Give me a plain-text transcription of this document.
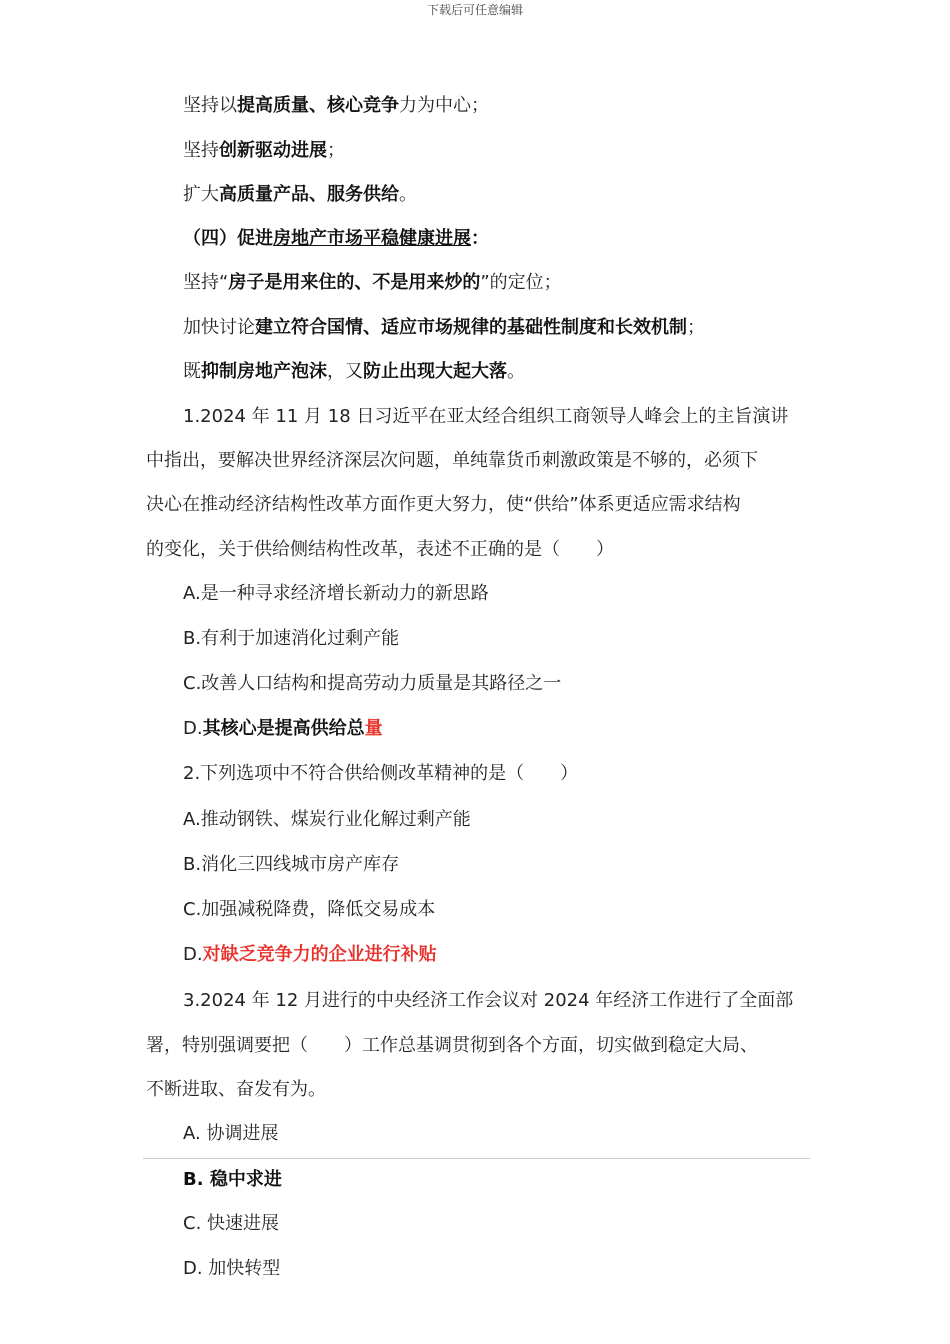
下载后可任意编辑
坚持以提高质量、核心竞争力为中心；
坚持创新驱动进展；
扩大高质量产品、服务供给。
（四）促进房地产市场平稳健康进展：
坚持“房子是用来住的、不是用来炒的”的定位；
加快讨论建立符合国情、适应市场规律的基础性制度和长效机制；
既抑制房地产泡沫，又防止出现大起大落。
1.2024 年 11 月 18 日习近平在亚太经合组织工商领导人峰会上的主旨演讲
中指出，要解决世界经济深层次问题，单纯靠货币刺激政策是不够的，必须下
决心在推动经济结构性改革方面作更大努力，使“供给”体系更适应需求结构
的变化，关于供给侧结构性改革，表述不正确的是（　　）
A.是一种寻求经济增长新动力的新思路
B.有利于加速消化过剩产能
C.改善人口结构和提高劳动力质量是其路径之一
D.其核心是提高供给总量
2.下列选项中不符合供给侧改革精神的是（　　）
A.推动钢铁、煤炭行业化解过剩产能
B.消化三四线城市房产库存
C.加强减税降费，降低交易成本
D.对缺乏竞争力的企业进行补贴
3.2024 年 12 月进行的中央经济工作会议对 2024 年经济工作进行了全面部
署，特别强调要把（　　）工作总基调贯彻到各个方面，切实做到稳定大局、
不断进取、奋发有为。
A. 协调进展
B. 稳中求进
C. 快速进展
D. 加快转型
